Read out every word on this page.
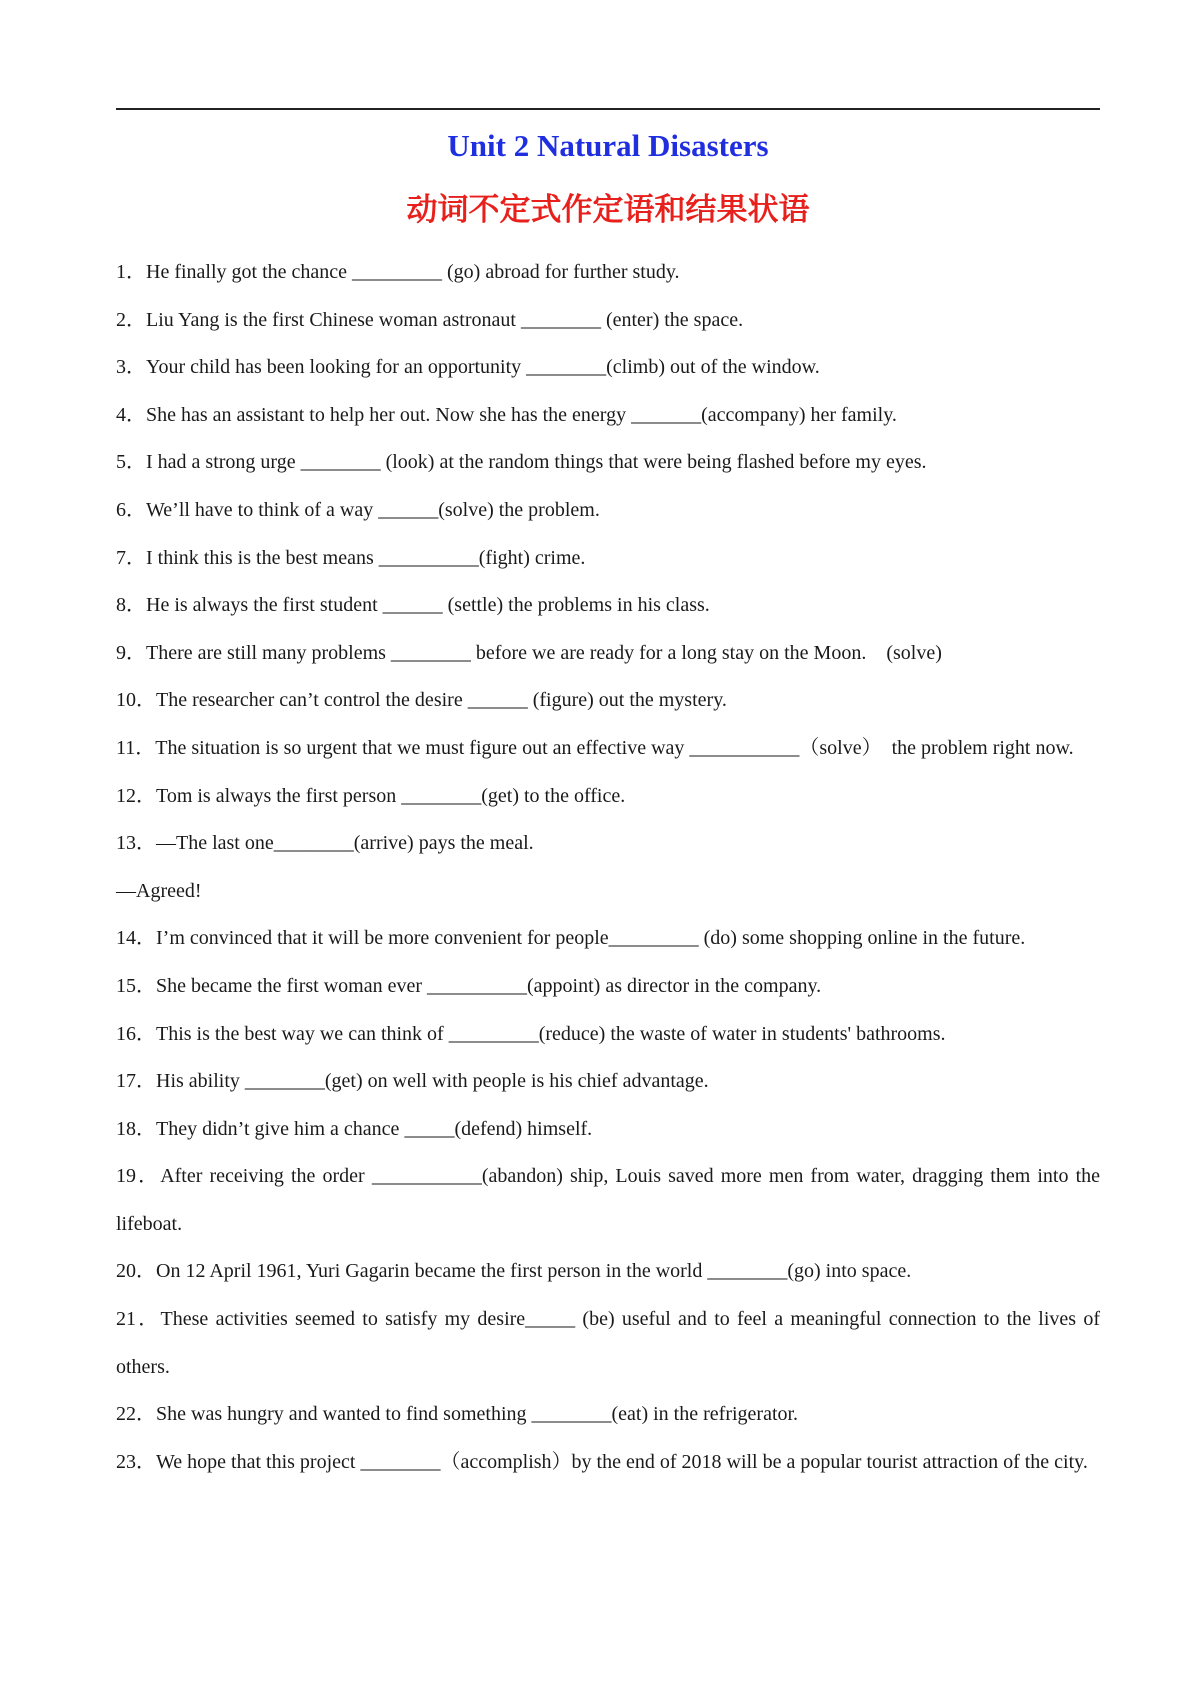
Unit 2 Natural Disasters
动词不定式作定语和结果状语

1．He finally got the chance _________ (go) abroad for further study.

2．Liu Yang is the first Chinese woman astronaut ________ (enter) the space.

3．Your child has been looking for an opportunity ________(climb) out of the window.

4．She has an assistant to help her out. Now she has the energy _______(accompany) her family.

5．I had a strong urge ________ (look) at the random things that were being flashed before my eyes.

6．We’ll have to think of a way ______(solve) the problem.

7．I think this is the best means __________(fight) crime.

8．He is always the first student ______ (settle) the problems in his class.

9．There are still many problems ________ before we are ready for a long stay on the Moon.　(solve)

10．The researcher can’t control the desire ______ (figure) out the mystery.

11．The situation is so urgent that we must figure out an effective way ___________（solve）　the problem right now.

12．Tom is always the first person ________(get) to the office.

13．—The last one________(arrive) pays the meal.

—Agreed!

14．I’m convinced that it will be more convenient for people_________ (do) some shopping online in the future.

15．She became the first woman ever __________(appoint) as director in the company.

16．This is the best way we can think of _________(reduce) the waste of water in students' bathrooms.

17．His ability ________(get) on well with people is his chief advantage.

18．They didn’t give him a chance _____(defend) himself.

19．After receiving the order ___________(abandon) ship, Louis saved more men from water, dragging them into the lifeboat.

20．On 12 April 1961, Yuri Gagarin became the first person in the world ________(go) into space.

21．These activities seemed to satisfy my desire_____ (be) useful and to feel a meaningful connection to the lives of others.

22．She was hungry and wanted to find something ________(eat) in the refrigerator.

23．We hope that this project ________（accomplish）by the end of 2018 will be a popular tourist attraction of the city.
